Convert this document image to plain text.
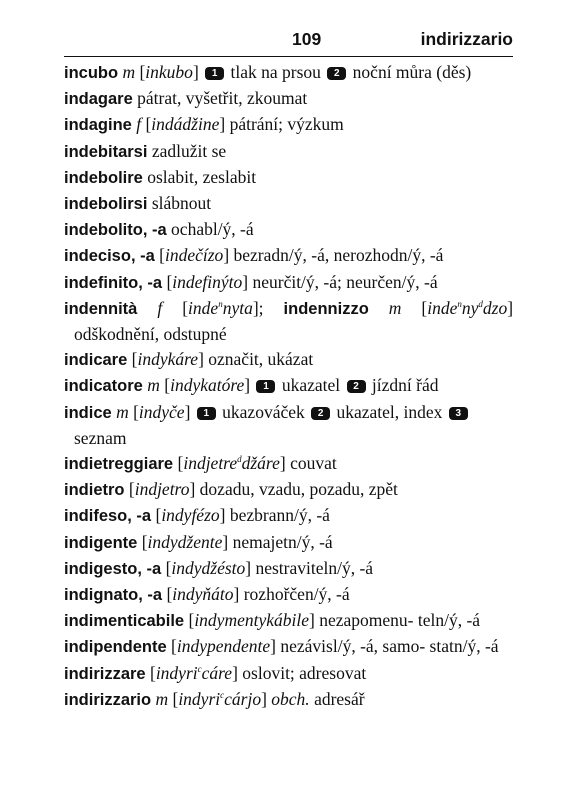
109	indirizzario

incubo m [inkubo] 1 tlak na prsou 2 noční můra (děs)

indagare pátrat, vyšetřit, zkoumat

indagine f [indádžine] pátrání; výzkum

indebitarsi zadlužit se

indebolire oslabit, zeslabit

indebolirsi slábnout

indebolito, -a ochabl/ý, -á

indeciso, -a [indečízo] bezradn/ý, -á, nerozhodn/ý, -á

indefinito, -a [indefinýto] neurčit/ý, -á; neurčen/ý, -á

indennità f [inde$^n$nyta]; indennizzo m $[inde^nny^ddzo]$ odškodnění, odstupné

indicare [indykáre] označit, ukázat

indicatore m [indykatóre] 1 ukazatel 2 jízdní řád

indice m [indyče] 1 ukazováček 2 ukazatel, index 3 seznam

indietreggiare [indjetre$^d$džáre] couvat

indietro [indjetro] dozadu, vzadu, pozadu, zpět

indifeso, -a [indyfézo] bezbrann/ý, -á

indigente [indydžente] nemajetn/ý, -á

indigesto, -a [indydžésto] nestravitel​n/ý, -á

indignato, -a [indyňáto] rozhořčen/ý, -á

indimenticabile [indymentykábile] nezapomenu- teln/ý, -á

indipendente [indypendente] nezávisl/ý, -á, samo- statn/ý, -á

indirizzare [indyri$^c$cáre] oslovit; adresovat

indirizzario m [indyri$^c$cárjo] obch. adresář
